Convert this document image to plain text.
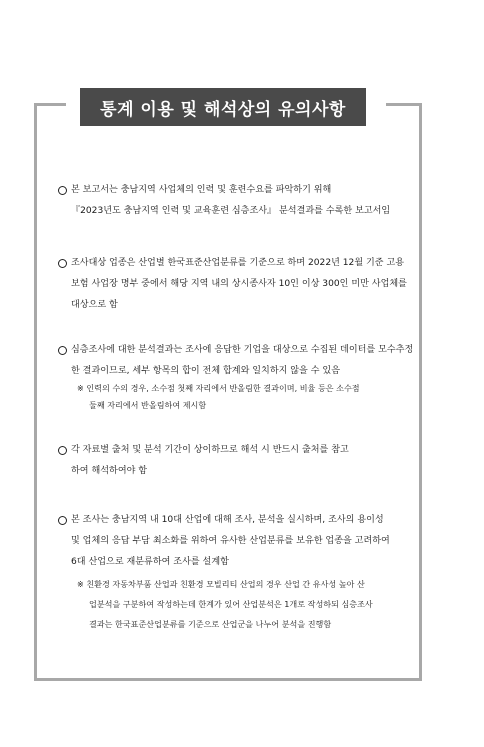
통계 이용 및 해석상의 유의사항
본 보고서는 충남지역 사업체의 인력 및 훈련수요를 파악하기 위해
『2023년도 충남지역 인력 및 교육훈련 심층조사』 분석결과를 수록한 보고서임
조사대상 업종은 산업별 한국표준산업분류를 기준으로 하며 2022년 12월 기준 고용
보험 사업장 명부 중에서 해당 지역 내의 상시종사자 10인 이상 300인 미만 사업체를
대상으로 함
심층조사에 대한 분석결과는 조사에 응답한 기업을 대상으로 수집된 데이터를 모수추정
한 결과이므로, 세부 항목의 합이 전체 합계와 일치하지 않을 수 있음
※ 인력의 수의 경우, 소수점 첫째 자리에서 반올림한 결과이며, 비율 등은 소수점
둘째 자리에서 반올림하여 제시함
각 자료별 출처 및 분석 기간이 상이하므로 해석 시 반드시 출처를 참고
하여 해석하여야 함
본 조사는 충남지역 내 10대 산업에 대해 조사, 분석을 실시하며, 조사의 용이성
및 업체의 응답 부담 최소화를 위하여 유사한 산업분류를 보유한 업종을 고려하여
6대 산업으로 재분류하여 조사를 설계함
※ 친환경 자동차부품 산업과 친환경 모빌리티 산업의 경우 산업 간 유사성 높아 산
업분석을 구분하여 작성하는데 한계가 있어 산업분석은 1개로 작성하되 심층조사
결과는 한국표준산업분류를 기준으로 산업군을 나누어 분석을 진행함
